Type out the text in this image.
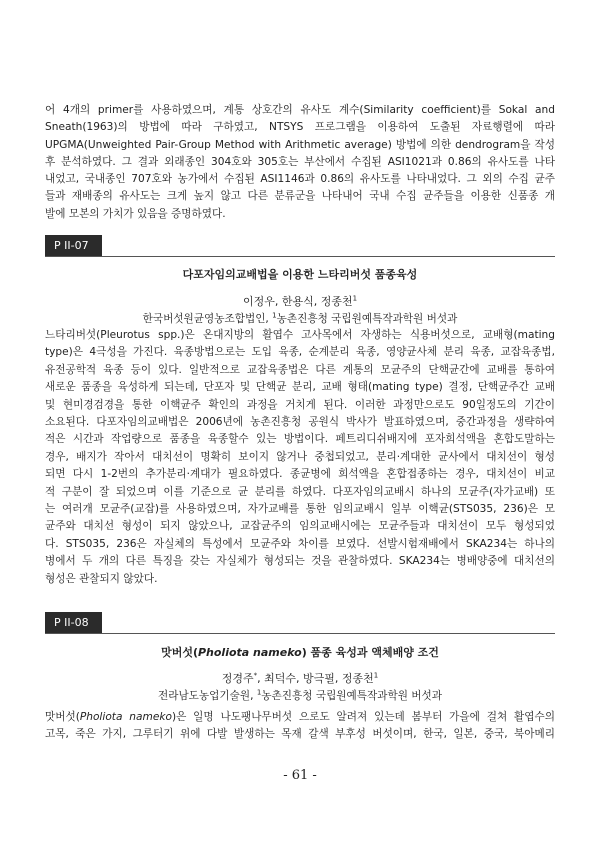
어 4개의 primer를 사용하였으며, 계통 상호간의 유사도 계수(Similarity coefficient)를 Sokal and
Sneath(1963)의 방법에 따라 구하였고, NTSYS 프로그램을 이용하여 도출된 자료행렬에 따라
UPGMA(Unweighted Pair-Group Method with Arithmetic average) 방법에 의한 dendrogram을 작성
후 분석하였다. 그 결과 외래종인 304호와 305호는 부산에서 수집된 ASI1021과 0.86의 유사도를 나타
내었고, 국내종인 707호와 농가에서 수집된 ASI1146과 0.86의 유사도를 나타내었다. 그 외의 수집 균주
들과 재배종의 유사도는 크게 높지 않고 다른 분류군을 나타내어 국내 수집 균주들을 이용한 신품종 개
발에 모본의 가치가 있음을 증명하였다.
P II-07
다포자임의교배법을 이용한 느타리버섯 품종육성
이정우, 한용식, 정종천$^1$
한국버섯원균영농조합법인, $^1$농촌진흥청 국립원예특작과학원 버섯과
느타리버섯(Pleurotus spp.)은 온대지방의 활엽수 고사목에서 자생하는 식용버섯으로, 교배형(mating
type)은 4극성을 가진다. 육종방법으로는 도입 육종, 순계분리 육종, 영양균사체 분리 육종, 교잡육종법,
유전공학적 육종 등이 있다. 일반적으로 교잡육종법은 다른 계통의 모균주의 단핵균간에 교배를 통하여
새로운 품종을 육성하게 되는데, 단포자 및 단핵균 분리, 교배 형태(mating type) 결정, 단핵균주간 교배
및 현미경검경을 통한 이핵균주 확인의 과정을 거치게 된다. 이러한 과정만으로도 90일정도의 기간이
소요된다. 다포자임의교배법은 2006년에 농촌진흥청 공원식 박사가 발표하였으며, 중간과정을 생략하여
적은 시간과 작업량으로 품종을 육종할수 있는 방법이다. 페트리디쉬배지에 포자희석액을 혼합도말하는
경우, 배지가 작아서 대치선이 명확히 보이지 않거나 중첩되었고, 분리·계대한 균사에서 대치선이 형성
되면 다시 1-2번의 추가분리·계대가 필요하였다. 종균병에 희석액을 혼합접종하는 경우, 대치선이 비교
적 구분이 잘 되었으며 이를 기준으로 균 분리를 하였다. 다포자임의교배시 하나의 모균주(자가교배) 또
는 여러개 모균주(교잡)를 사용하였으며, 자가교배를 통한 임의교배시 일부 이핵균(STS035, 236)은 모
균주와 대치선 형성이 되지 않았으나, 교잡균주의 임의교배시에는 모균주들과 대치선이 모두 형성되었
다. STS035, 236은 자실체의 특성에서 모균주와 차이를 보였다. 선발시험재배에서 SKA234는 하나의
병에서 두 개의 다른 특징을 갖는 자실체가 형성되는 것을 관찰하였다. SKA234는 병배양중에 대치선의
형성은 관찰되지 않았다.
P II-08
맛버섯(Pholiota nameko) 품종 육성과 액체배양 조건
정경주*, 최덕수, 방극필, 정종천$^1$
전라남도농업기술원, $^1$농촌진흥청 국립원예특작과학원 버섯과
맛버섯(Pholiota nameko)은 일명 나도팽나무버섯 으로도 알려져 있는데 봄부터 가을에 걸쳐 활엽수의
고목, 죽은 가지, 그루터기 위에 다발 발생하는 목재 갈색 부후성 버섯이며, 한국, 일본, 중국, 북아메리
- 61 -
